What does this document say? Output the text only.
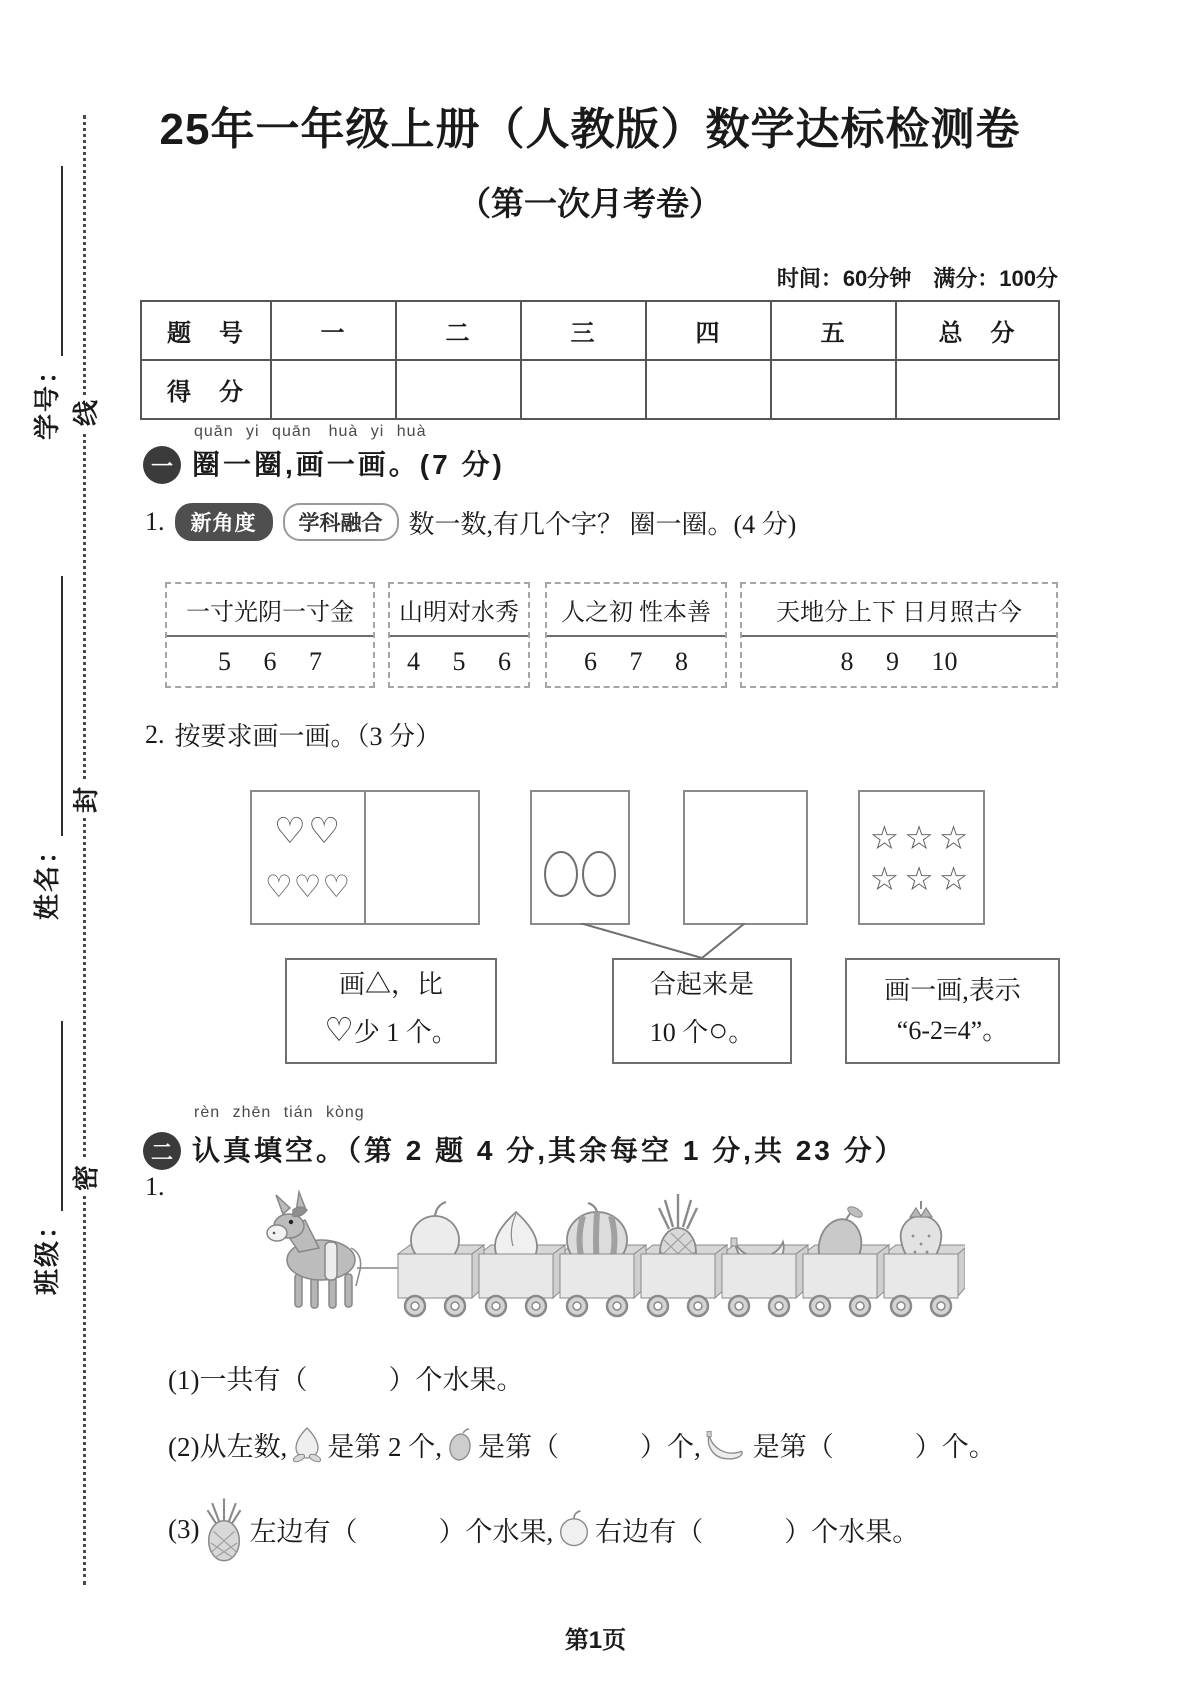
学号：
姓名：
班级：
线
封
密
25年一年级上册（人教版）数学达标检测卷
（第一次月考卷）
时间：60分钟　满分：100分
题　号	一	二	三	四	五	总　分
得　分						
一
quān yi quān　huà yi huà
圈一圈,画一画。(7 分)
1.	新角度	学科融合	数一数,有几个字？ 圈一圈。(4 分)
一寸光阴一寸金
5 6 7
山明对水秀
4 5 6
人之初 性本善
6 7 8
天地分上下 日月照古今
8 9 10
2. 按要求画一画。（3 分）
♡♡
♡♡♡
☆☆☆
☆☆☆
画△，比
♡少 1 个。
合起来是
10 个○。
画一画,表示
“6-2=4”。
二
rèn zhēn tián kòng
认真填空。（第 2 题 4 分,其余每空 1 分,共 23 分）
1.
(1)一共有（　　　）个水果。
(2)从左数, 是第 2 个, 是第（　　　）个, 是第（　　　）个。
(3) 左边有（　　　）个水果, 右边有（　　　）个水果。
第1页
